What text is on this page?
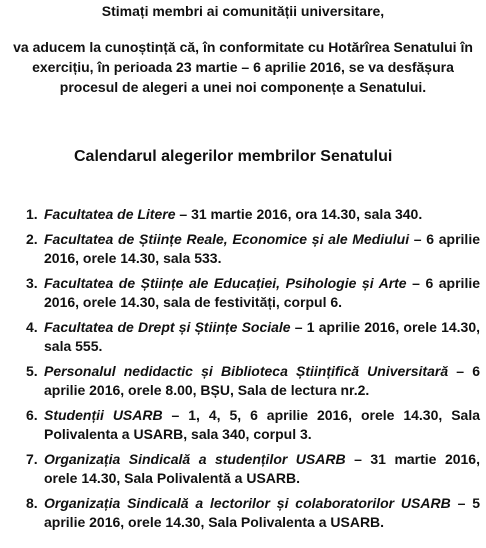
Stimați membri ai comunității universitare,
va aducem la cunoștință că, în conformitate cu Hotărîrea Senatului în exercițiu, în perioada 23 martie – 6 aprilie 2016, se va desfășura procesul de alegeri a unei noi componențe a Senatului.
Calendarul alegerilor membrilor Senatului
1. Facultatea de Litere – 31 martie 2016, ora 14.30, sala 340.
2. Facultatea de Științe Reale, Economice și ale Mediului – 6 aprilie 2016, orele 14.30, sala 533.
3. Facultatea de Științe ale Educației, Psihologie și Arte – 6 aprilie 2016, orele 14.30, sala de festivități, corpul 6.
4. Facultatea de Drept și Științe Sociale – 1 aprilie 2016, orele 14.30, sala 555.
5. Personalul nedidactic și Biblioteca Științifică Universitară – 6 aprilie 2016, orele 8.00, BȘU, Sala de lectura nr.2.
6. Studenții USARB – 1, 4, 5, 6 aprilie 2016, orele 14.30, Sala Polivalenta a USARB, sala 340, corpul 3.
7. Organizația Sindicală a studenților USARB – 31 martie 2016, orele 14.30, Sala Polivalentă a USARB.
8. Organizația Sindicală a lectorilor și colaboratorilor USARB – 5 aprilie 2016, orele 14.30, Sala Polivalenta a USARB.
